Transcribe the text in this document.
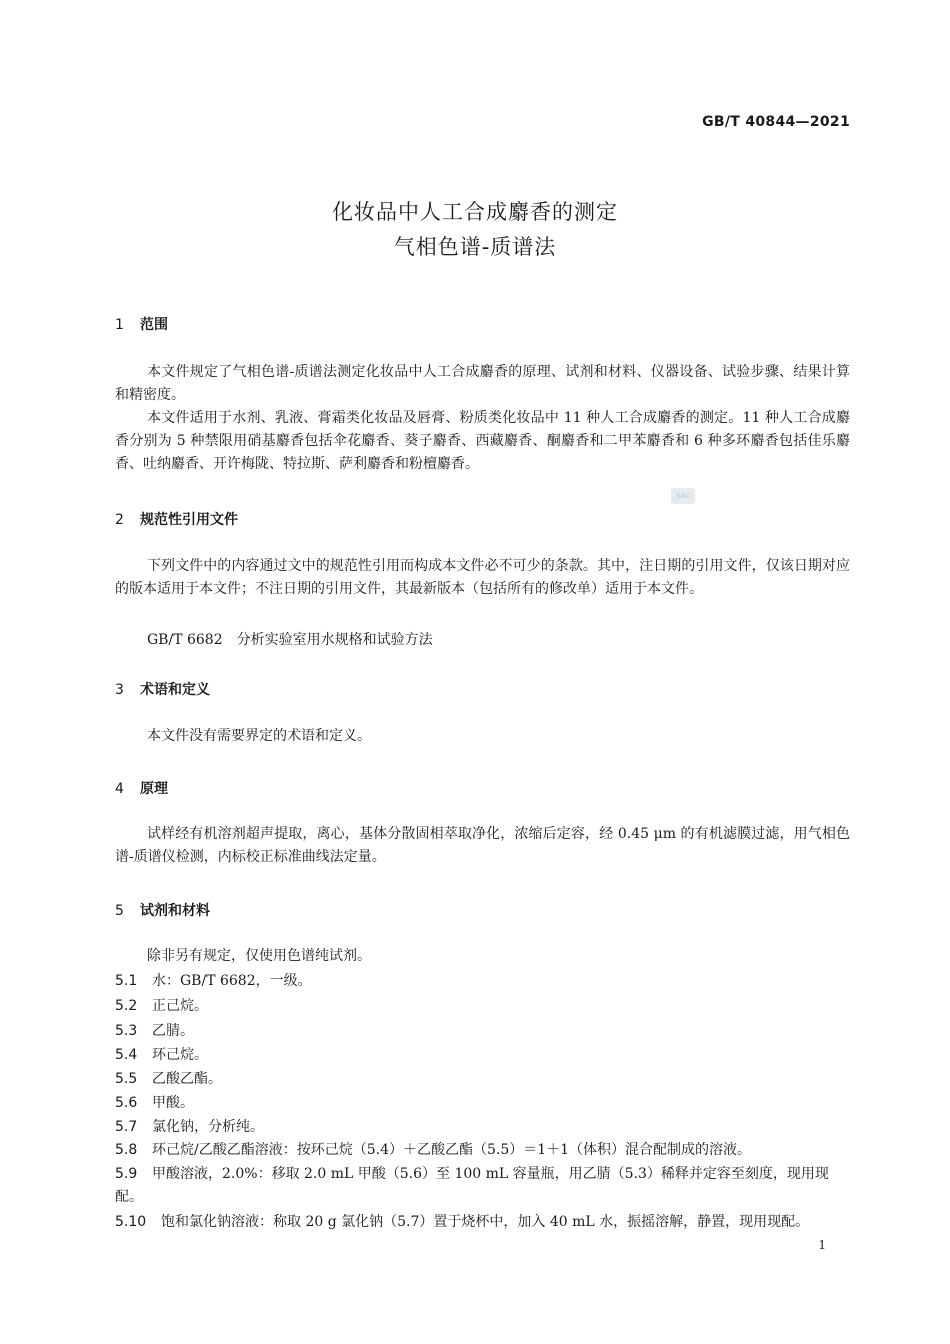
GB/T 40844—2021
化妆品中人工合成麝香的测定
气相色谱-质谱法
1 范围
本文件规定了气相色谱-质谱法测定化妆品中人工合成麝香的原理、试剂和材料、仪器设备、试验步骤、结果计算和精密度。
本文件适用于水剂、乳液、膏霜类化妆品及唇膏、粉质类化妆品中 11 种人工合成麝香的测定。11 种人工合成麝香分别为 5 种禁限用硝基麝香包括伞花麝香、葵子麝香、西藏麝香、酮麝香和二甲苯麝香和 6 种多环麝香包括佳乐麝香、吐纳麝香、开许梅陇、特拉斯、萨利麝香和粉檀麝香。
SAC
2 规范性引用文件
下列文件中的内容通过文中的规范性引用而构成本文件必不可少的条款。其中，注日期的引用文件，仅该日期对应的版本适用于本文件；不注日期的引用文件，其最新版本（包括所有的修改单）适用于本文件。
GB/T 6682　分析实验室用水规格和试验方法
3 术语和定义
本文件没有需要界定的术语和定义。
4 原理
试样经有机溶剂超声提取，离心，基体分散固相萃取净化，浓缩后定容，经 0.45 μm 的有机滤膜过滤，用气相色谱-质谱仪检测，内标校正标准曲线法定量。
5 试剂和材料
除非另有规定，仅使用色谱纯试剂。
5.1 水：GB/T 6682，一级。
5.2 正己烷。
5.3 乙腈。
5.4 环己烷。
5.5 乙酸乙酯。
5.6 甲酸。
5.7 氯化钠，分析纯。
5.8 环己烷/乙酸乙酯溶液：按环己烷（5.4）＋乙酸乙酯（5.5）＝1＋1（体积）混合配制成的溶液。
5.9 甲酸溶液，2.0%：移取 2.0 mL 甲酸（5.6）至 100 mL 容量瓶，用乙腈（5.3）稀释并定容至刻度，现用现配。
5.10 饱和氯化钠溶液：称取 20 g 氯化钠（5.7）置于烧杯中，加入 40 mL 水，振摇溶解，静置，现用现配。
1
